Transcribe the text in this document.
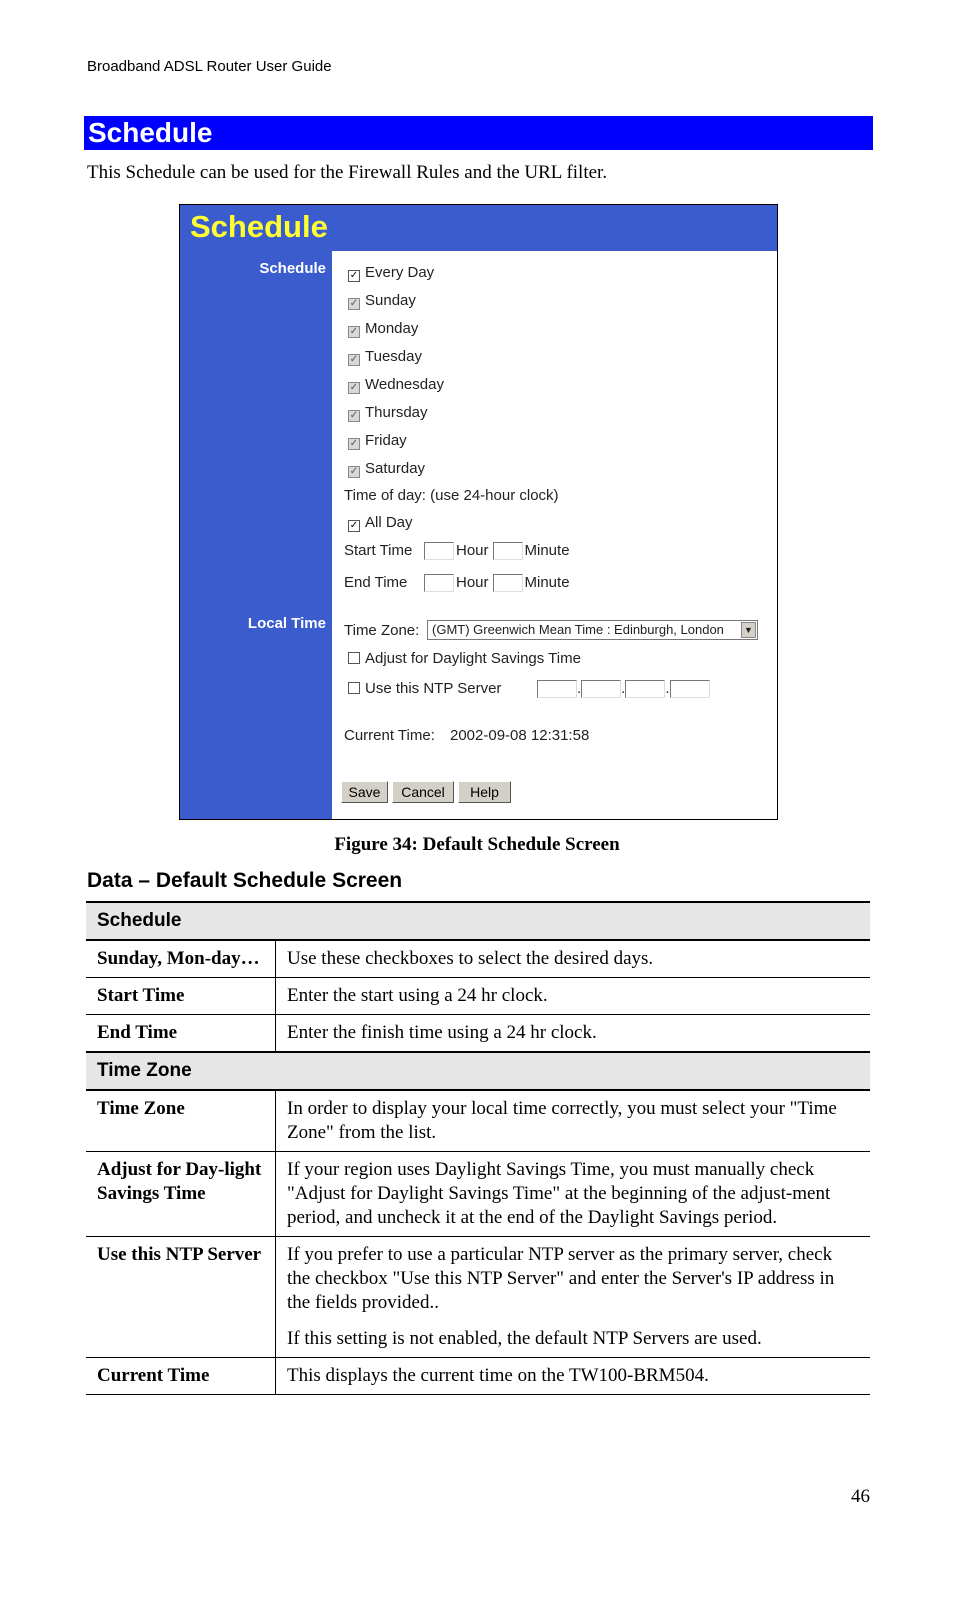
Broadband ADSL Router User Guide
Schedule
This Schedule can be used for the Firewall Rules and the URL filter.
Schedule
Schedule
Local Time
✓ Every Day
✓ Sunday
✓ Monday
✓ Tuesday
✓ Wednesday
✓ Thursday
✓ Friday
✓ Saturday
Time of day: (use 24-hour clock)
✓ All Day
Start Time	Hour Minute
End Time	Hour Minute
Time Zone: (GMT) Greenwich Mean Time : Edinburgh, London	▼
Adjust for Daylight Savings Time
Use this NTP Server	.	.	.
Current Time: 2002-09-08 12:31:58
Save	Cancel	Help
Figure 34: Default Schedule Screen
Data – Default Schedule Screen
Schedule	
Sunday, Mon-day…	Use these checkboxes to select the desired days.

Start Time	Enter the start using a 24 hr clock.

End Time	Enter the finish time using a 24 hr clock.

Time Zone	
Time Zone	In order to display your local time correctly, you must select your "Time Zone" from the list.

Adjust for Day-light Savings Time	If your region uses Daylight Savings Time, you must manually check "Adjust for Daylight Savings Time" at the beginning of the adjust-ment period, and uncheck it at the end of the Daylight Savings period.

Use this NTP Server	If you prefer to use a particular NTP server as the primary server, check the checkbox "Use this NTP Server" and enter the Server's IP address in the fields provided..

If this setting is not enabled, the default NTP Servers are used.

Current Time	This displays the current time on the TW100-BRM504.

46
